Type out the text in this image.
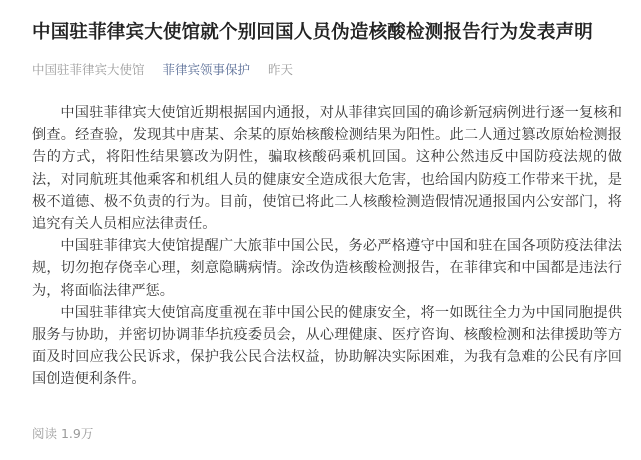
中国驻菲律宾大使馆就个别回国人员伪造核酸检测报告行为发表声明
中国驻菲律宾大使馆 菲律宾领事保护 昨天

中国驻菲律宾大使馆近期根据国内通报，对从菲律宾回国的确诊新冠病例进行逐一复核和倒查。经查验，发现其中唐某、余某的原始核酸检测结果为阳性。此二人通过篡改原始检测报告的方式，将阳性结果篡改为阴性，骗取核酸码乘机回国。这种公然违反中国防疫法规的做法，对同航班其他乘客和机组人员的健康安全造成很大危害，也给国内防疫工作带来干扰，是极不道德、极不负责的行为。目前，使馆已将此二人核酸检测造假情况通报国内公安部门，将追究有关人员相应法律责任。

中国驻菲律宾大使馆提醒广大旅菲中国公民，务必严格遵守中国和驻在国各项防疫法律法规，切勿抱存侥幸心理，刻意隐瞒病情。涂改伪造核酸检测报告，在菲律宾和中国都是违法行为，将面临法律严惩。

中国驻菲律宾大使馆高度重视在菲中国公民的健康安全，将一如既往全力为中国同胞提供服务与协助，并密切协调菲华抗疫委员会，从心理健康、医疗咨询、核酸检测和法律援助等方面及时回应我公民诉求，保护我公民合法权益，协助解决实际困难，为我有急难的公民有序回国创造便利条件。

阅读 1.9万
